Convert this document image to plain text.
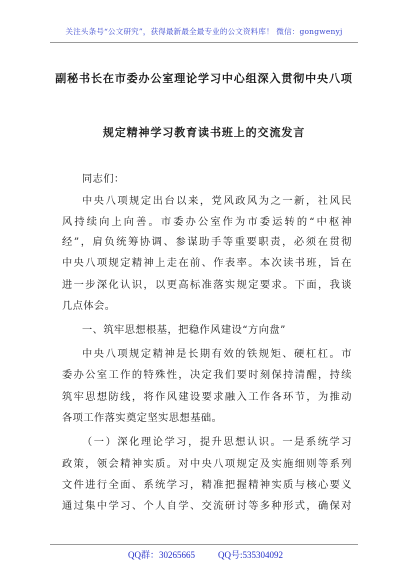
关注头条号“公文研究”，获得最新最全最专业的公文资料库！ 微信：gongwenyj
副秘书长在市委办公室理论学习中心组深入贯彻中央八项
规定精神学习教育读书班上的交流发言
同志们：
中央八项规定出台以来，党风政风为之一新，社风民
风持续向上向善。市委办公室作为市委运转的“中枢神
经”，肩负统筹协调、参谋助手等重要职责，必须在贯彻
中央八项规定精神上走在前、作表率。本次读书班，旨在
进一步深化认识，以更高标准落实规定要求。下面，我谈
几点体会。
一、筑牢思想根基，把稳作风建设“方向盘”
中央八项规定精神是长期有效的铁规矩、硬杠杠。市
委办公室工作的特殊性，决定我们要时刻保持清醒，持续
筑牢思想防线，将作风建设要求融入工作各环节，为推动
各项工作落实奠定坚实思想基础。
（一）深化理论学习，提升思想认识。一是系统学习
政策，领会精神实质。对中央八项规定及实施细则等系列
文件进行全面、系统学习，精准把握精神实质与核心要义
通过集中学习、个人自学、交流研讨等多种形式，确保对
QQ群：30265665	QQ号:535304092
